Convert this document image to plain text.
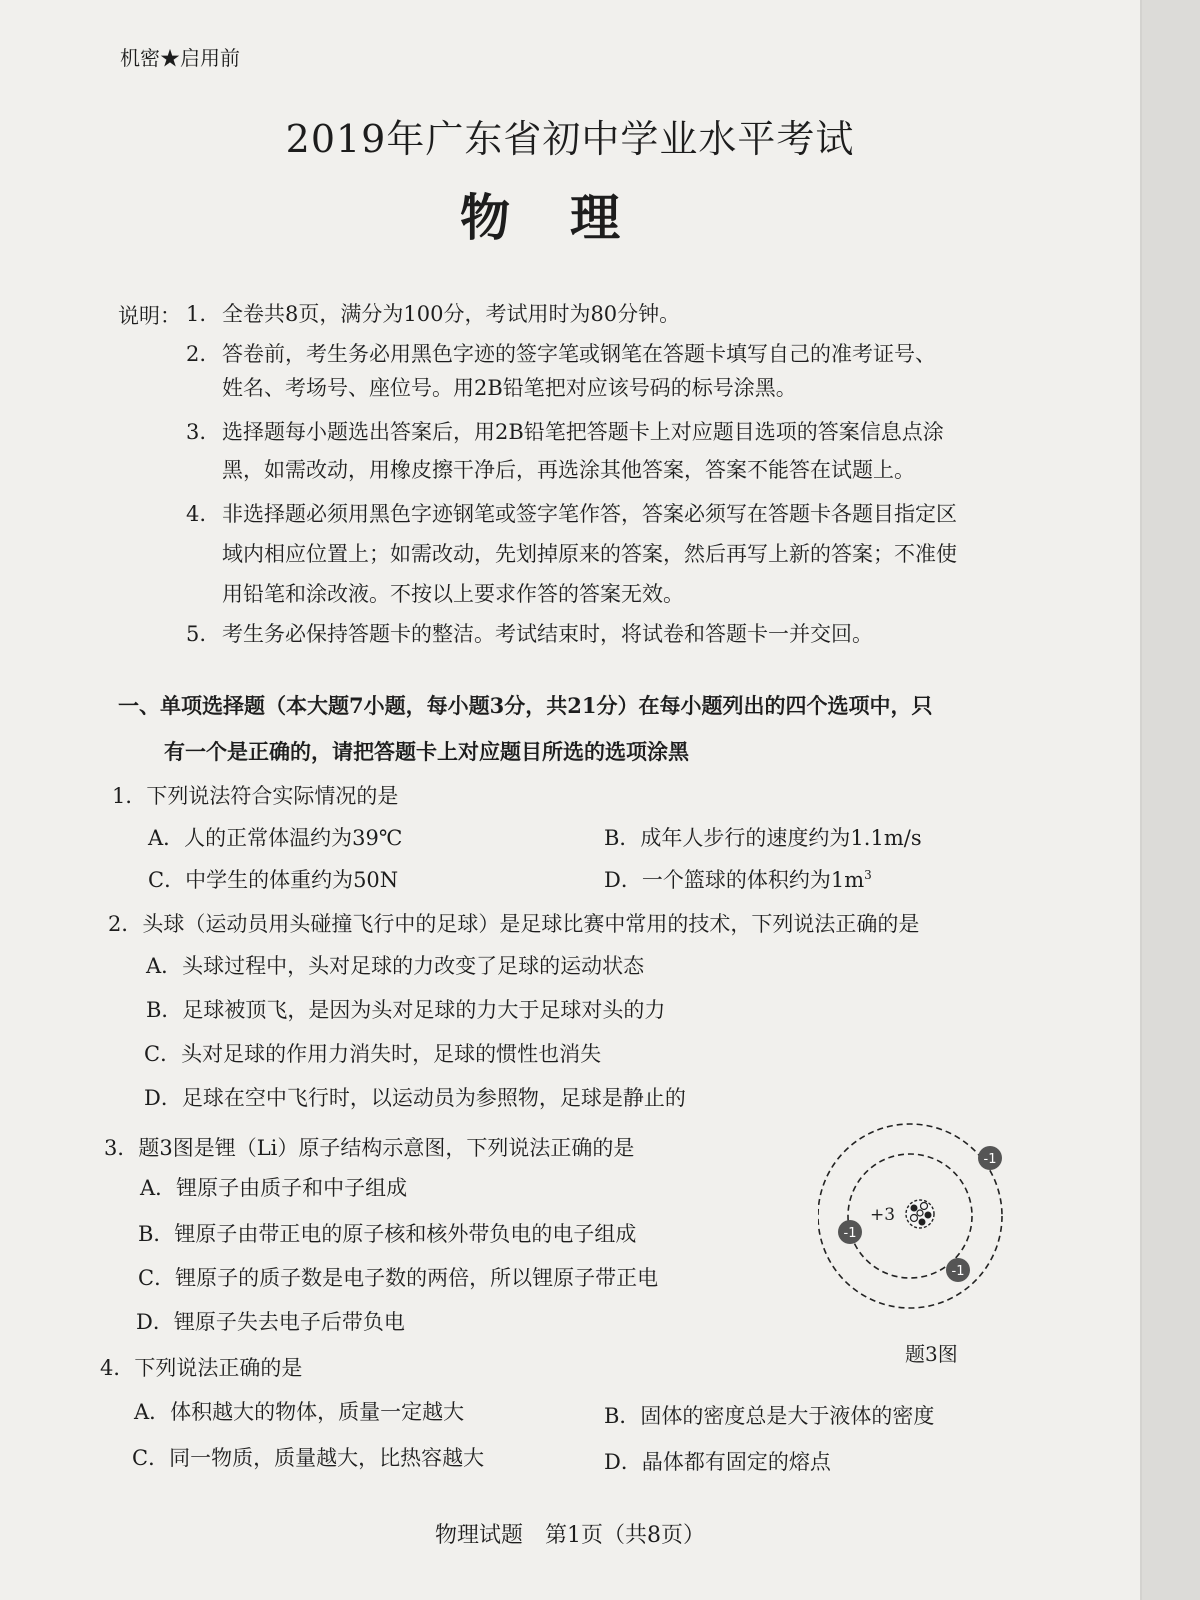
机密★启用前
2019年广东省初中学业水平考试
物理
说明： 1. 全卷共8页，满分为100分，考试用时为80分钟。
2. 答卷前，考生务必用黑色字迹的签字笔或钢笔在答题卡填写自己的准考证号、
姓名、考场号、座位号。用2B铅笔把对应该号码的标号涂黑。
3. 选择题每小题选出答案后，用2B铅笔把答题卡上对应题目选项的答案信息点涂
黑，如需改动，用橡皮擦干净后，再选涂其他答案，答案不能答在试题上。
4. 非选择题必须用黑色字迹钢笔或签字笔作答，答案必须写在答题卡各题目指定区
域内相应位置上；如需改动，先划掉原来的答案，然后再写上新的答案；不准使
用铅笔和涂改液。不按以上要求作答的答案无效。
5. 考生务必保持答题卡的整洁。考试结束时，将试卷和答题卡一并交回。
一、单项选择题（本大题7小题，每小题3分，共21分）在每小题列出的四个选项中，只
有一个是正确的，请把答题卡上对应题目所选的选项涂黑
1．下列说法符合实际情况的是
A．人的正常体温约为39℃	B．成年人步行的速度约为1.1m/s
C．中学生的体重约为50N	D．一个篮球的体积约为$1m^3$
2．头球（运动员用头碰撞飞行中的足球）是足球比赛中常用的技术，下列说法正确的是
A．头球过程中，头对足球的力改变了足球的运动状态
B．足球被顶飞，是因为头对足球的力大于足球对头的力
C．头对足球的作用力消失时，足球的惯性也消失
D．足球在空中飞行时，以运动员为参照物，足球是静止的
3．题3图是锂（Li）原子结构示意图，下列说法正确的是
A．锂原子由质子和中子组成
B．锂原子由带正电的原子核和核外带负电的电子组成
C．锂原子的质子数是电子数的两倍，所以锂原子带正电
D．锂原子失去电子后带负电
+3
-1
-1
-1
题3图
4．下列说法正确的是
A．体积越大的物体，质量一定越大	B．固体的密度总是大于液体的密度
C．同一物质，质量越大，比热容越大	D．晶体都有固定的熔点
物理试题　第1页（共8页）
